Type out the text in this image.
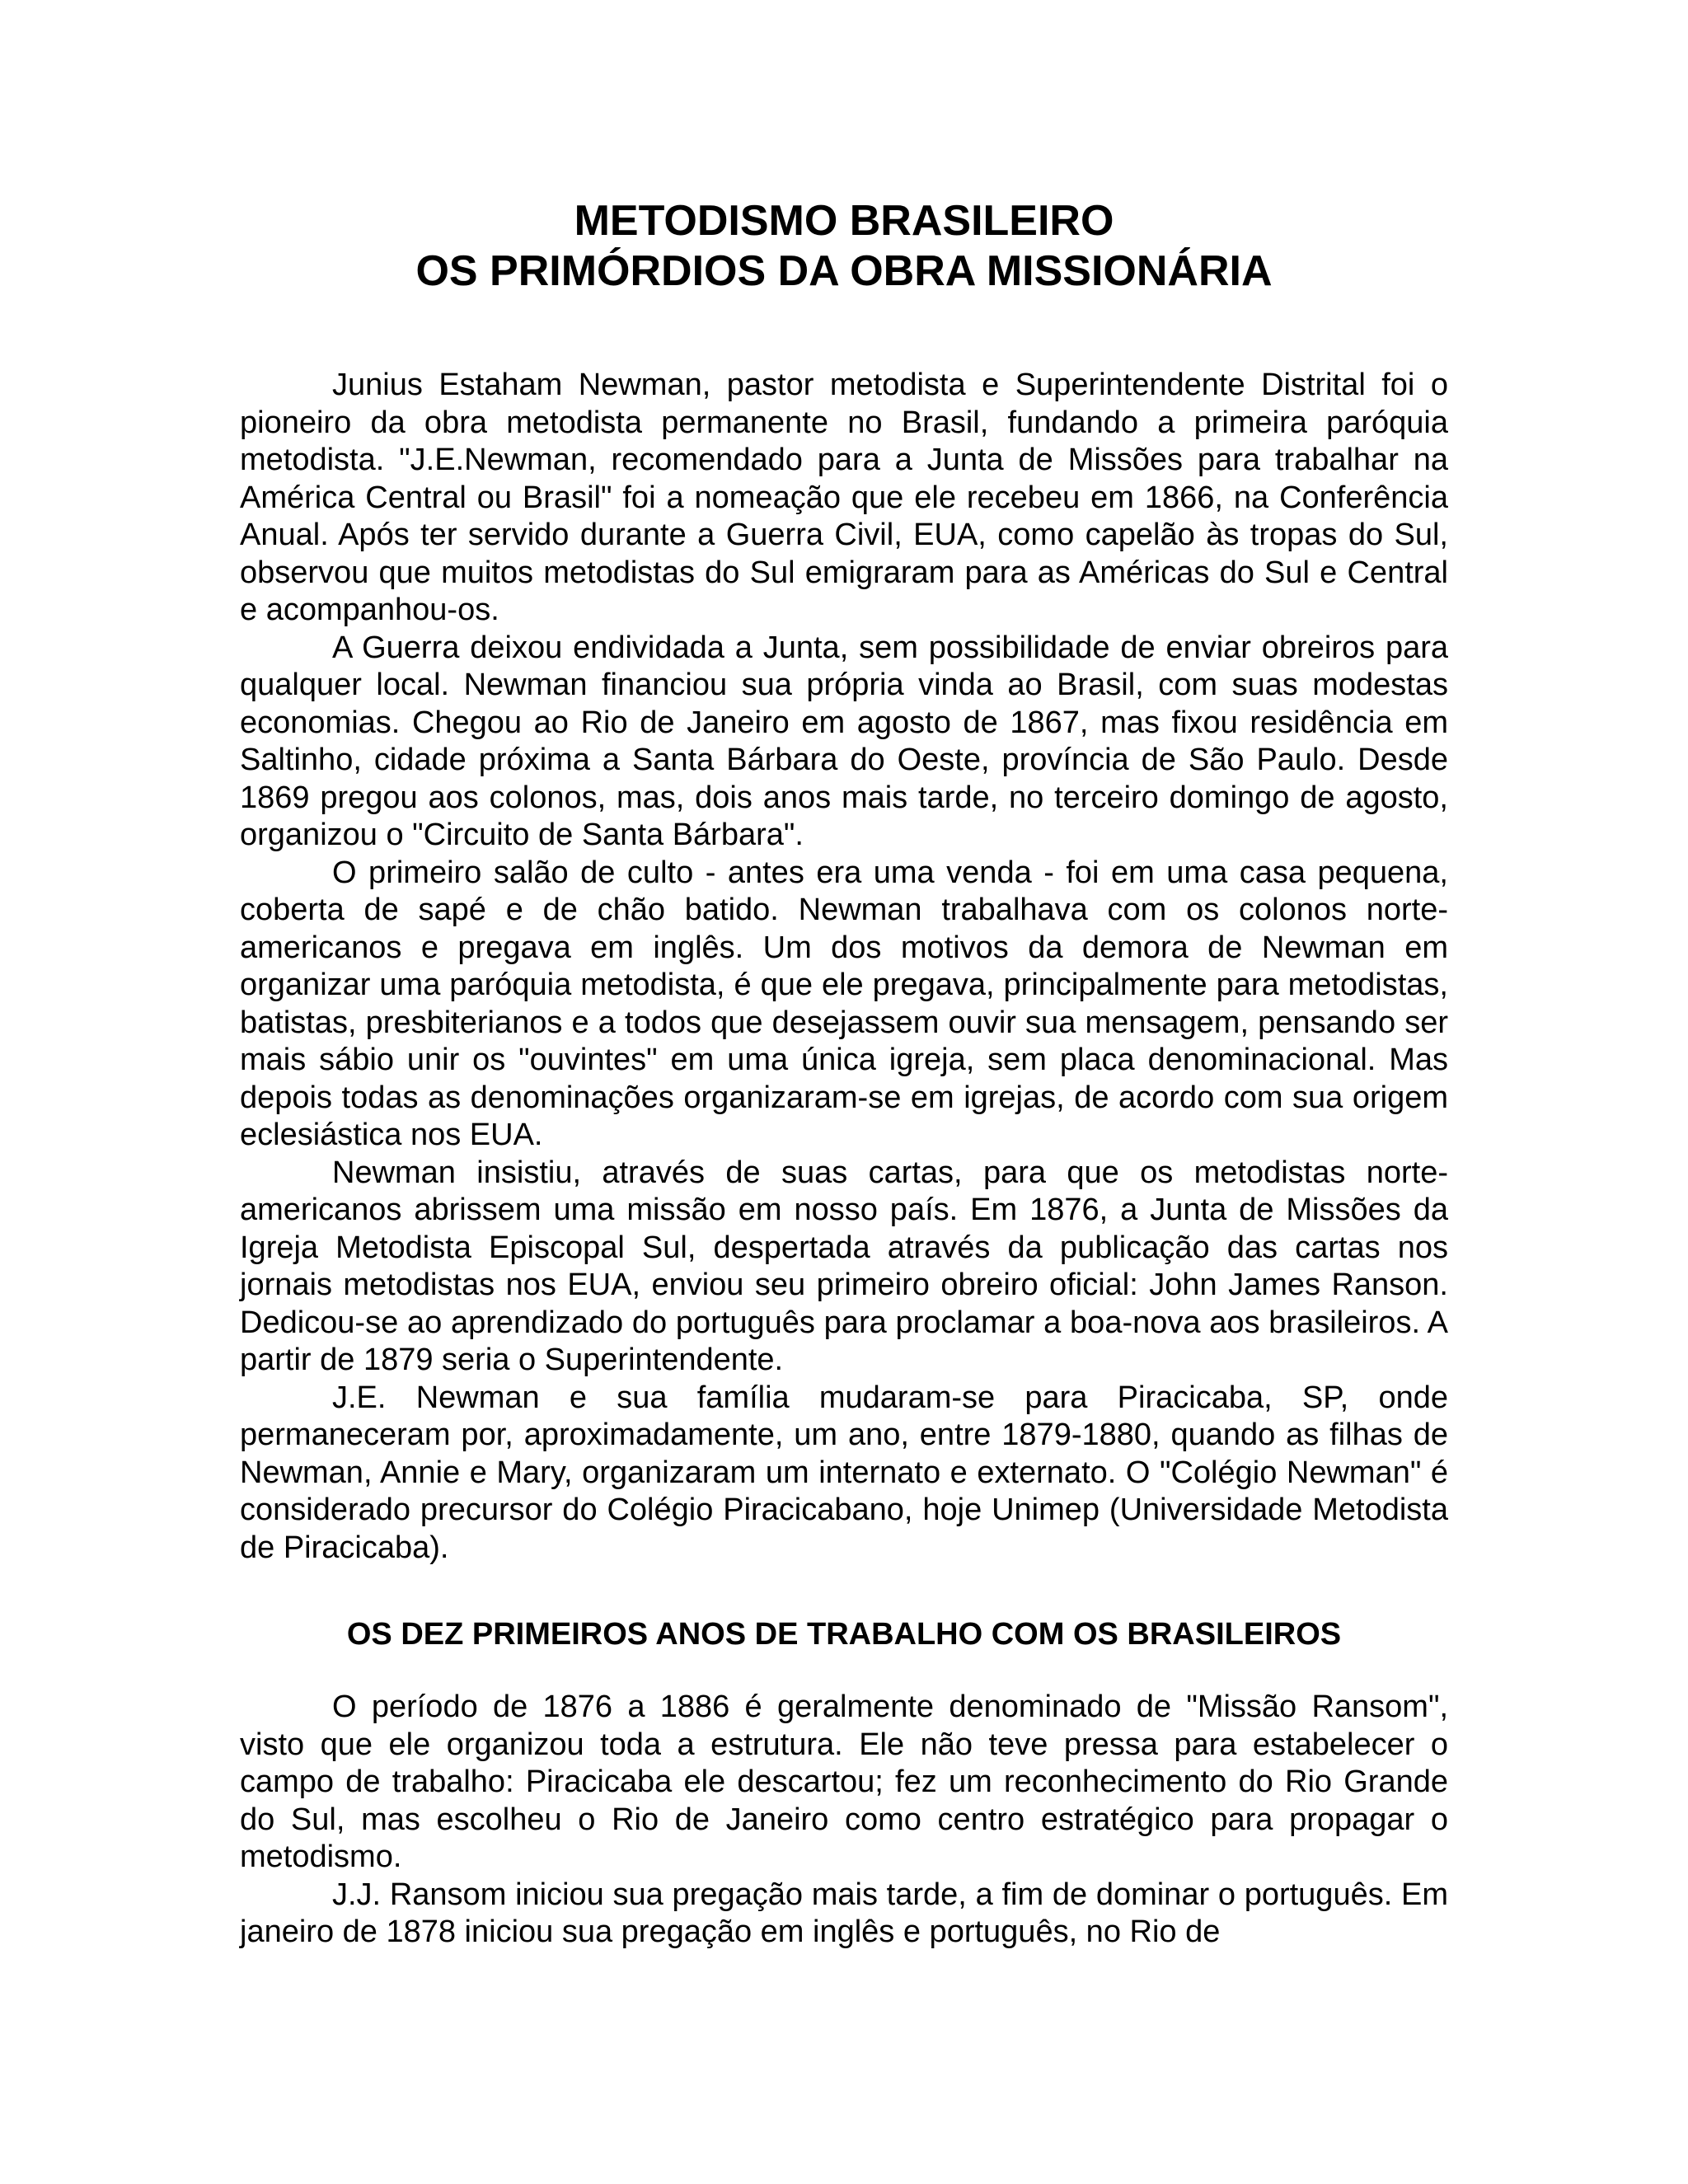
METODISMO BRASILEIRO
OS PRIMÓRDIOS DA OBRA MISSIONÁRIA

Junius Estaham Newman, pastor metodista e Superintendente Distrital foi o pioneiro da obra metodista permanente no Brasil, fundando a primeira paróquia metodista. "J.E.Newman, recomendado para a Junta de Missões para trabalhar na América Central ou Brasil" foi a nomeação que ele recebeu em 1866, na Conferência Anual. Após ter servido durante a Guerra Civil, EUA, como capelão às tropas do Sul, observou que muitos metodistas do Sul emigraram para as Américas do Sul e Central e acompanhou-os.

A Guerra deixou endividada a Junta, sem possibilidade de enviar obreiros para qualquer local. Newman financiou sua própria vinda ao Brasil, com suas modestas economias. Chegou ao Rio de Janeiro em agosto de 1867, mas fixou residência em Saltinho, cidade próxima a Santa Bárbara do Oeste, província de São Paulo. Desde 1869 pregou aos colonos, mas, dois anos mais tarde, no terceiro domingo de agosto, organizou o "Circuito de Santa Bárbara".

O primeiro salão de culto - antes era uma venda - foi em uma casa pequena, coberta de sapé e de chão batido. Newman trabalhava com os colonos norte-americanos e pregava em inglês. Um dos motivos da demora de Newman em organizar uma paróquia metodista, é que ele pregava, principalmente para metodistas, batistas, presbiterianos e a todos que desejassem ouvir sua mensagem, pensando ser mais sábio unir os "ouvintes" em uma única igreja, sem placa denominacional. Mas depois todas as denominações organizaram-se em igrejas, de acordo com sua origem eclesiástica nos EUA.

Newman insistiu, através de suas cartas, para que os metodistas norte-americanos abrissem uma missão em nosso país. Em 1876, a Junta de Missões da Igreja Metodista Episcopal Sul, despertada através da publicação das cartas nos jornais metodistas nos EUA, enviou seu primeiro obreiro oficial: John James Ranson. Dedicou-se ao aprendizado do português para proclamar a boa-nova aos brasileiros. A partir de 1879 seria o Superintendente.

J.E. Newman e sua família mudaram-se para Piracicaba, SP, onde permaneceram por, aproximadamente, um ano, entre 1879-1880, quando as filhas de Newman, Annie e Mary, organizaram um internato e externato. O "Colégio Newman" é considerado precursor do Colégio Piracicabano, hoje Unimep (Universidade Metodista de Piracicaba).

OS DEZ PRIMEIROS ANOS DE TRABALHO COM OS BRASILEIROS

O período de 1876 a 1886 é geralmente denominado de "Missão Ransom", visto que ele organizou toda a estrutura. Ele não teve pressa para estabelecer o campo de trabalho: Piracicaba ele descartou; fez um reconhecimento do Rio Grande do Sul, mas escolheu o Rio de Janeiro como centro estratégico para propagar o metodismo.

J.J. Ransom iniciou sua pregação mais tarde, a fim de dominar o português. Em janeiro de 1878 iniciou sua pregação em inglês e português, no Rio de
